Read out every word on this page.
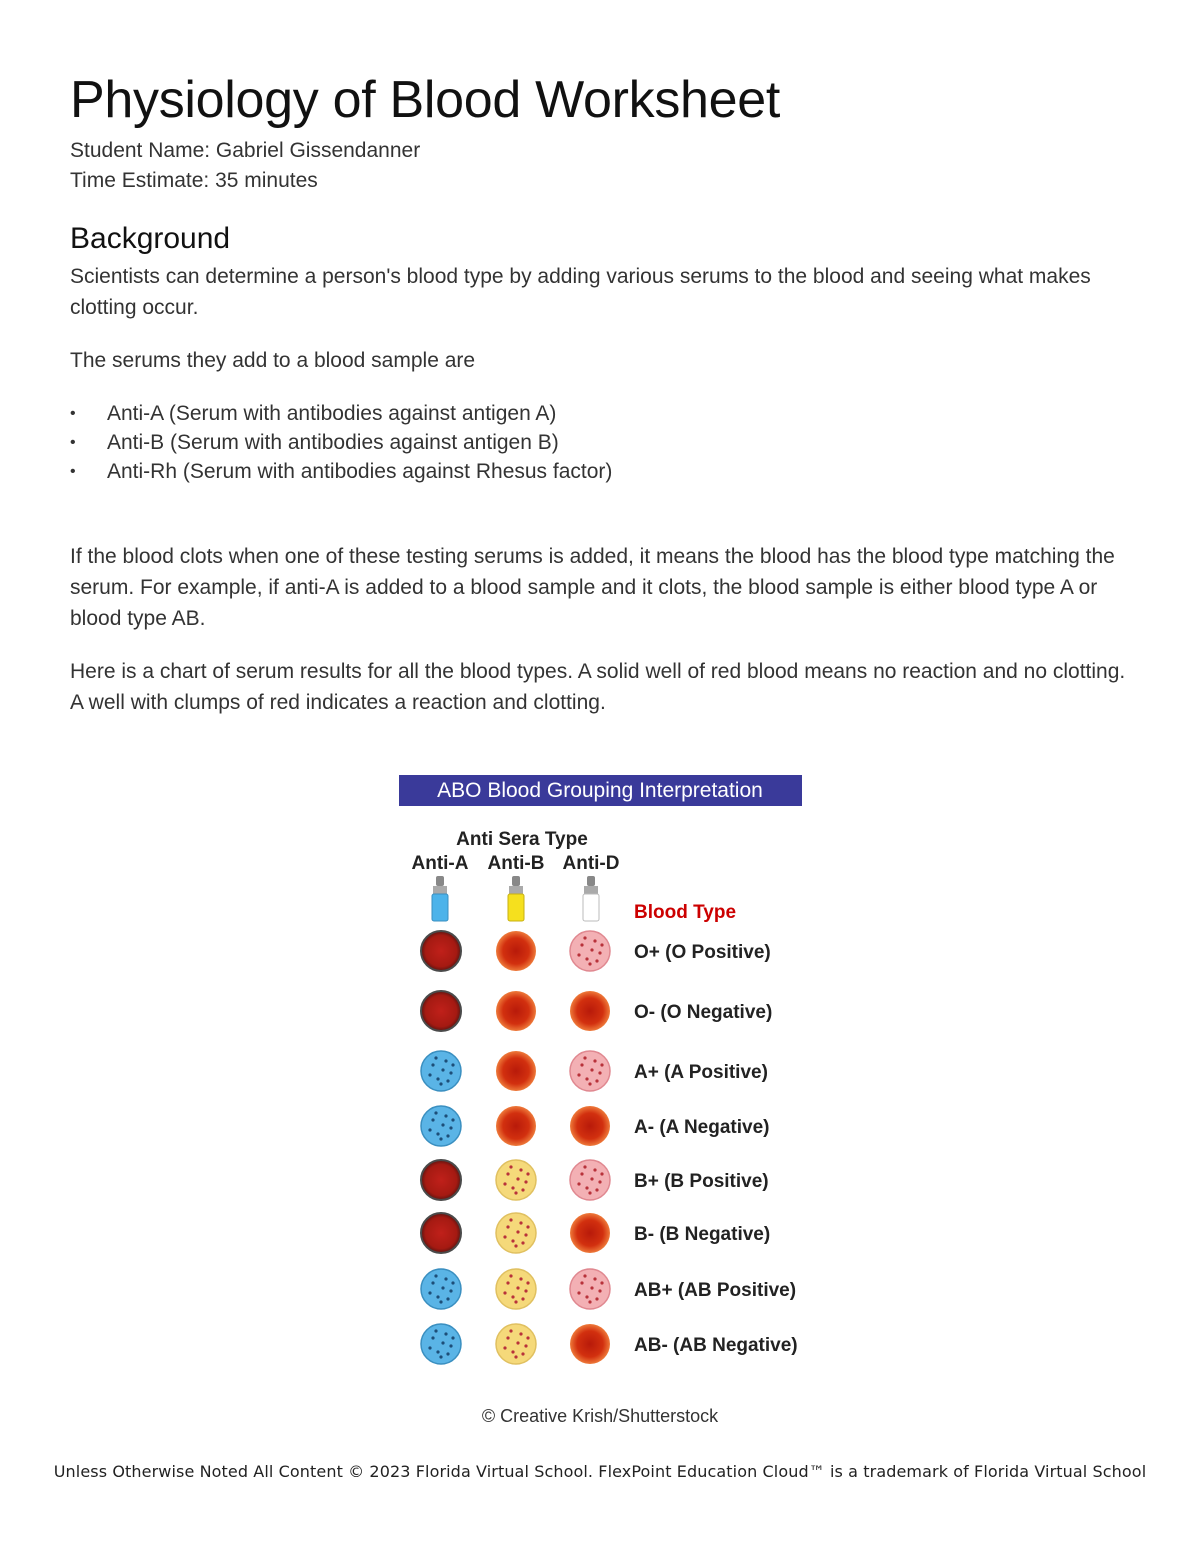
Physiology of Blood Worksheet
Student Name: Gabriel Gissendanner
Time Estimate: 35 minutes
Background

Scientists can determine a person's blood type by adding various serums to the blood and seeing what makes clotting occur.

The serums they add to a blood sample are

• Anti-A (Serum with antibodies against antigen A)
• Anti-B (Serum with antibodies against antigen B)
• Anti-Rh (Serum with antibodies against Rhesus factor)

If the blood clots when one of these testing serums is added, it means the blood has the blood type matching the serum. For example, if anti-A is added to a blood sample and it clots, the blood sample is either blood type A or blood type AB.

Here is a chart of serum results for all the blood types. A solid well of red blood means no reaction and no clotting. A well with clumps of red indicates a reaction and clotting.

ABO Blood Grouping Interpretation
Anti Sera Type
Anti-A Anti-B Anti-D
Blood Type
O+ (O Positive)
O- (O Negative)
A+ (A Positive)
A- (A Negative)
B+ (B Positive)
B- (B Negative)
AB+ (AB Positive)
AB- (AB Negative)
© Creative Krish/Shutterstock
Unless Otherwise Noted All Content © 2023 Florida Virtual School. FlexPoint Education Cloud™ is a trademark of Florida Virtual School
